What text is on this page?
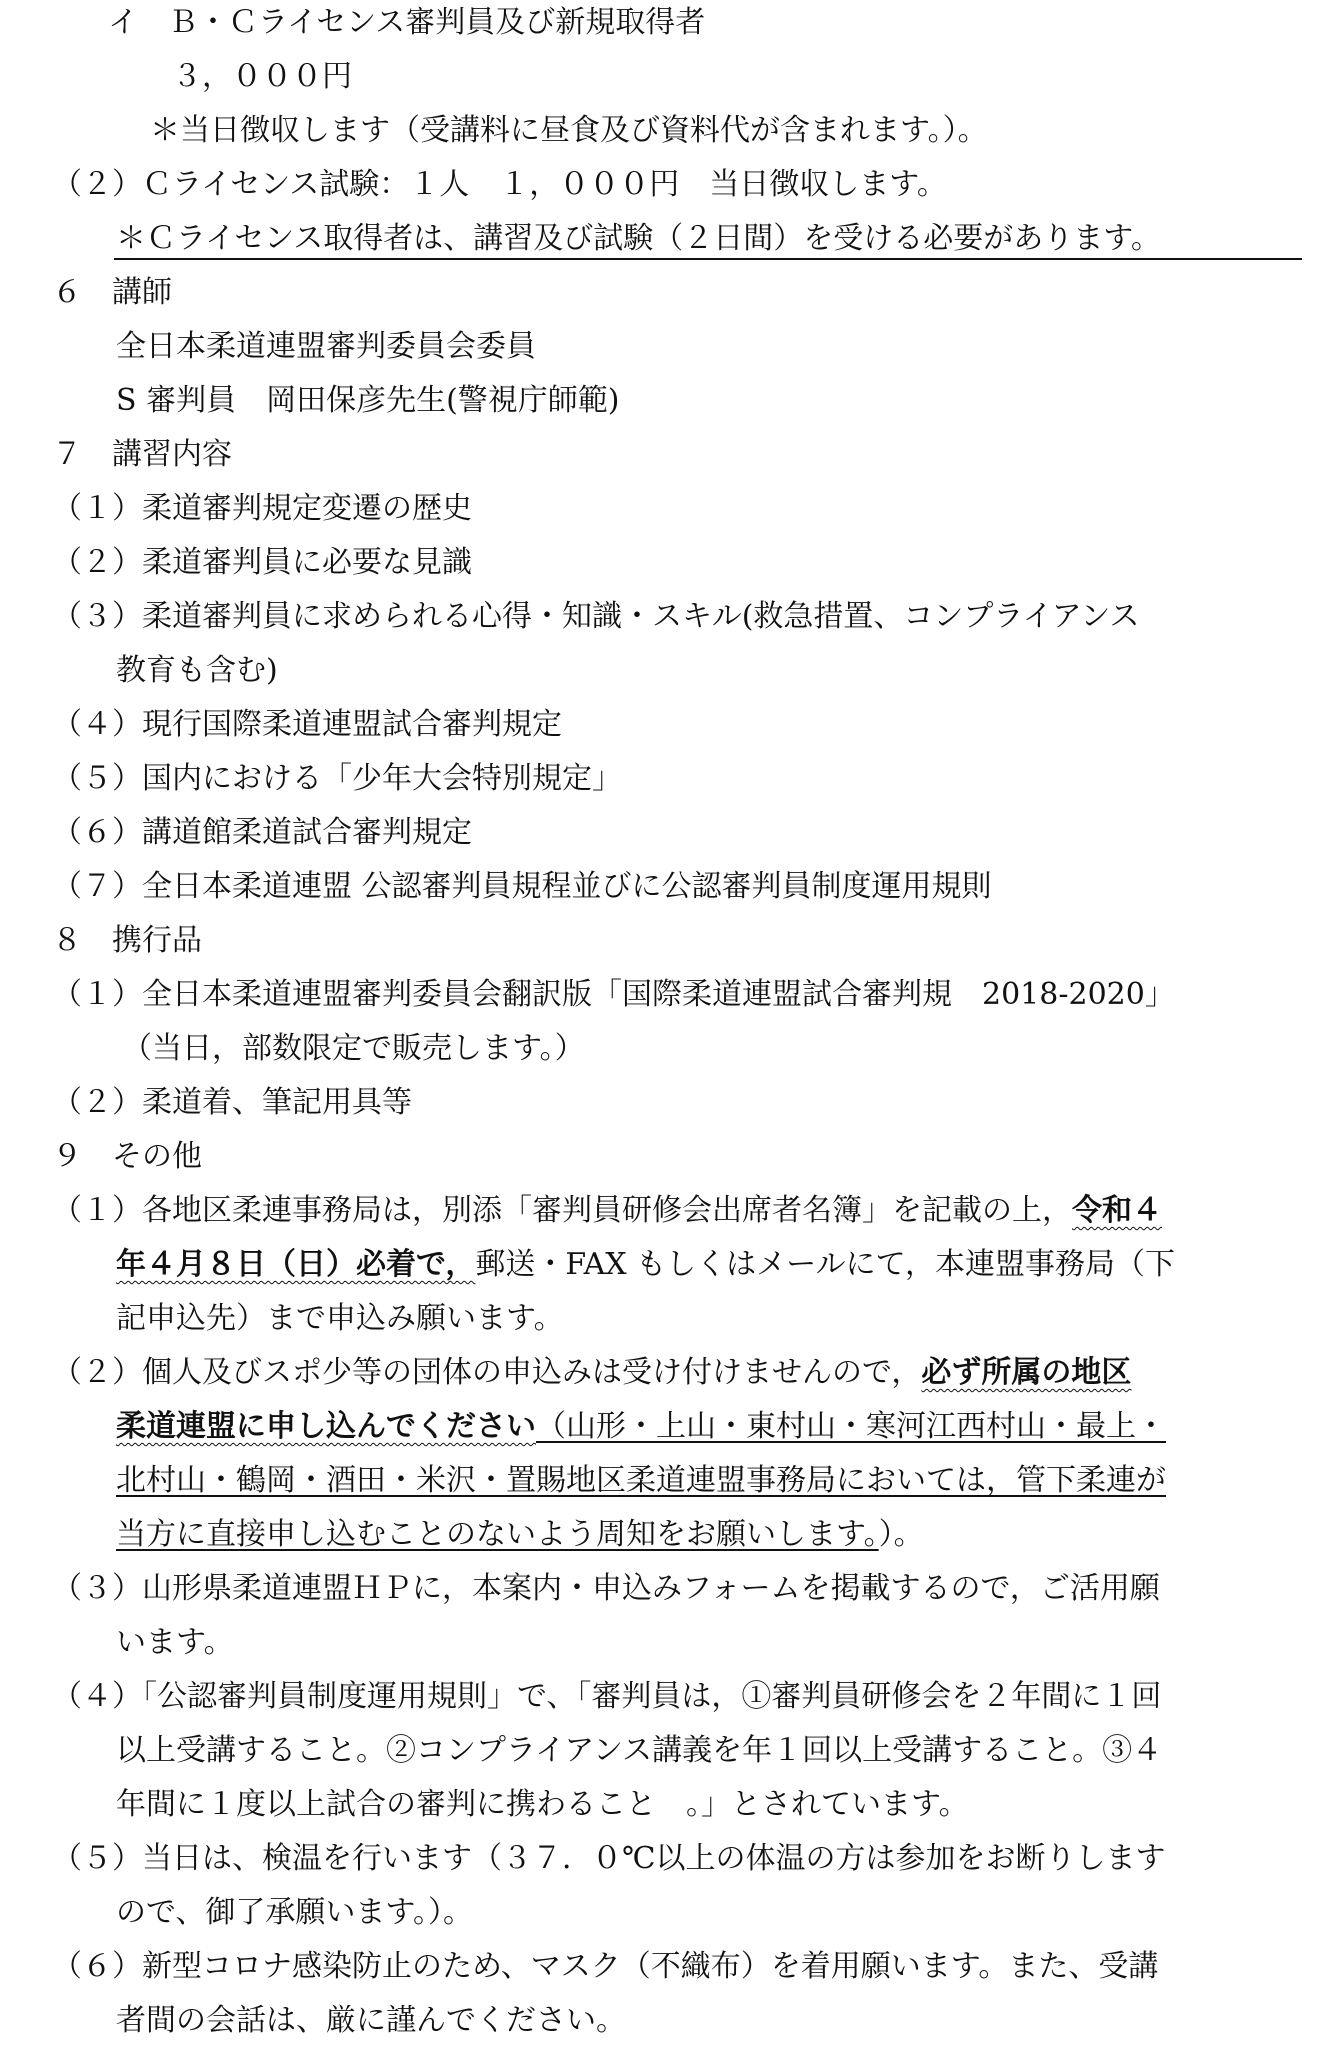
イ　Ｂ・Ｃライセンス審判員及び新規取得者
３，０００円
＊当日徴収します（受講料に昼食及び資料代が含まれます。）。
（２）Ｃライセンス試験：１人　１，０００円　当日徴収します。
＊Ｃライセンス取得者は、講習及び試験（２日間）を受ける必要があります。
６　講師
全日本柔道連盟審判委員会委員
S 審判員　岡田保彦先生(警視庁師範)
７　講習内容
（１）柔道審判規定変遷の歴史
（２）柔道審判員に必要な見識
（３）柔道審判員に求められる心得・知識・スキル(救急措置、コンプライアンス
教育も含む)
（４）現行国際柔道連盟試合審判規定
（５）国内における「少年大会特別規定」
（６）講道館柔道試合審判規定
（７）全日本柔道連盟 公認審判員規程並びに公認審判員制度運用規則
８　携行品
（１）全日本柔道連盟審判委員会翻訳版「国際柔道連盟試合審判規　2018-2020」
（当日，部数限定で販売します。）
（２）柔道着、筆記用具等
９　その他
（１）各地区柔連事務局は，別添「審判員研修会出席者名簿」を記載の上，令和４
年４月８日（日）必着で，郵送・FAX もしくはメールにて，本連盟事務局（下
記申込先）まで申込み願います。
（２）個人及びスポ少等の団体の申込みは受け付けませんので，必ず所属の地区
柔道連盟に申し込んでください（山形・上山・東村山・寒河江西村山・最上・
北村山・鶴岡・酒田・米沢・置賜地区柔道連盟事務局においては，管下柔連が
当方に直接申し込むことのないよう周知をお願いします。）。
（３）山形県柔道連盟ＨＰに，本案内・申込みフォームを掲載するので，ご活用願
います。
（４）「公認審判員制度運用規則」で、「審判員は，①審判員研修会を２年間に１回
以上受講すること。②コンプライアンス講義を年１回以上受講すること。③４
年間に１度以上試合の審判に携わること　。」とされています。
（５）当日は、検温を行います（３７．０℃以上の体温の方は参加をお断りします
ので、御了承願います。）。
（６）新型コロナ感染防止のため、マスク（不織布）を着用願います。また、受講
者間の会話は、厳に謹んでください。
